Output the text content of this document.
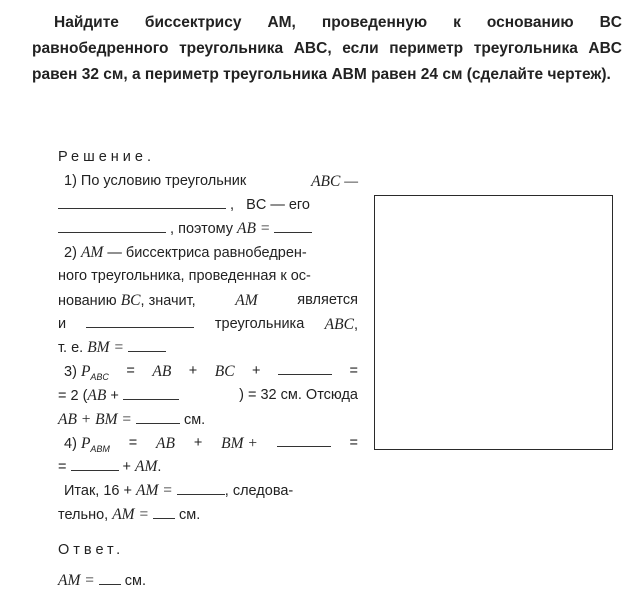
Найдите биссектрису AM, проведенную к основанию BC равнобедренного треугольника ABC, если периметр треугольника ABC равен 32 см, а периметр треугольника ABM равен 24 см (сделайте чертеж).
Решение.
1) По условию треугольник	ABC —
, BC — его
, поэтому AB =
2) AM — биссектриса равнобедрен-
ного треугольника, проведенная к ос-
нованию BC, значит,	AM	является
и	треугольника ABC,
т. е. BM =
3) $P_{ABC}$ = AB + BC +	=
= 2 (AB +	) = 32 см. Отсюда
AB + BM =	см.
4) $P_{ABM}$ = AB + BM +	=
=	+ AM.
Итак, 16 + AM =	, следова-
тельно, AM = см.
Ответ.
AM = см.
